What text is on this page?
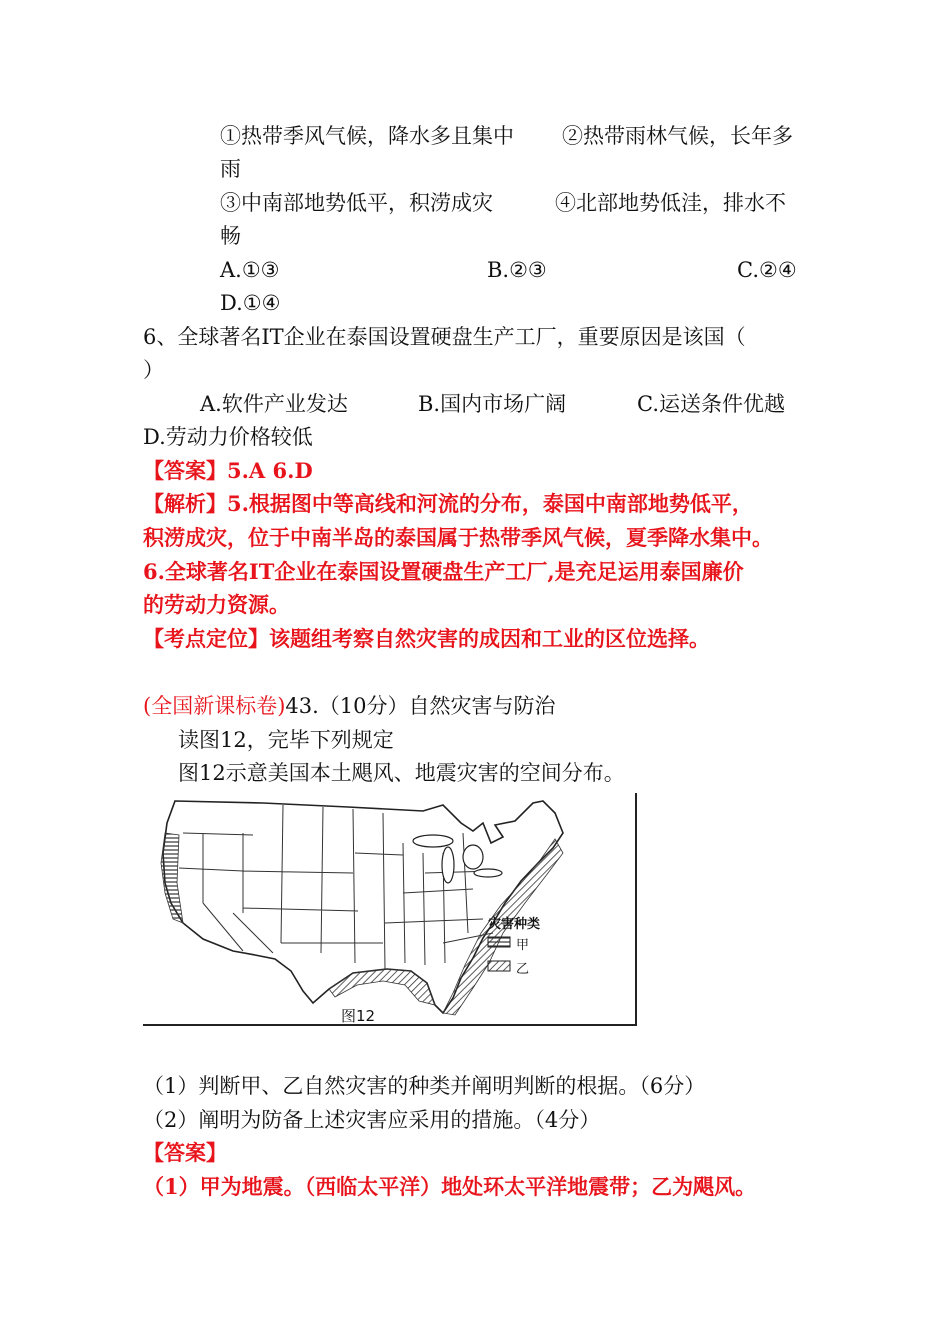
①热带季风气候，降水多且集中 ②热带雨林气候，长年多
雨
③中南部地势低平，积涝成灾	④北部地势低洼，排水不
畅
A.①③	B.②③	C.②④
D.①④
6、全球著名IT企业在泰国设置硬盘生产工厂，重要原因是该国（
）
A.软件产业发达	B.国内市场广阔	C.运送条件优越
D.劳动力价格较低
【答案】5.A 6.D
【解析】5.根据图中等高线和河流的分布，泰国中南部地势低平，
积涝成灾，位于中南半岛的泰国属于热带季风气候，夏季降水集中。
6.全球著名IT企业在泰国设置硬盘生产工厂,是充足运用泰国廉价
的劳动力资源。
【考点定位】该题组考察自然灾害的成因和工业的区位选择。
(全国新课标卷)43.（10分）自然灾害与防治
读图12，完毕下列规定
图12示意美国本土飓风、地震灾害的空间分布。
灾害种类
甲
乙
图12
（1）判断甲、乙自然灾害的种类并阐明判断的根据。（6分）
（2）阐明为防备上述灾害应采用的措施。（4分）
【答案】
（1）甲为地震。（西临太平洋）地处环太平洋地震带；乙为飓风。
